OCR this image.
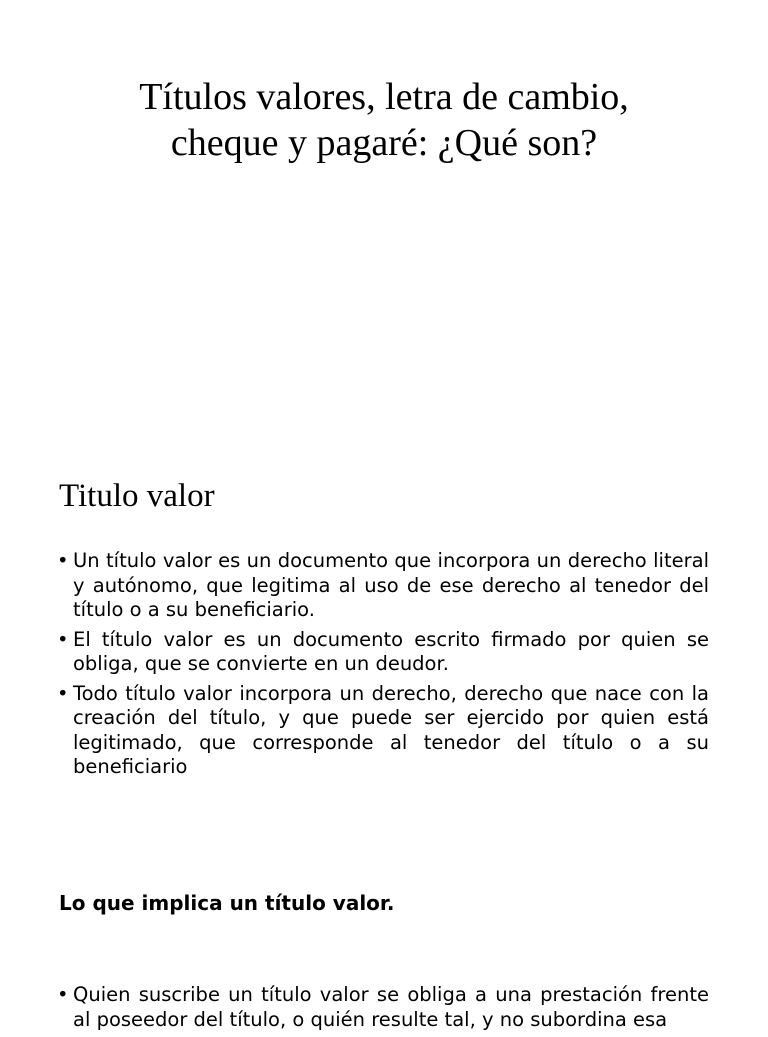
Títulos valores, letra de cambio,
cheque y pagaré: ¿Qué son?
Titulo valor
• Un título valor es un documento que incorpora un derecho literal y autónomo, que legitima al uso de ese derecho al tenedor del título o a su beneficiario.
• El título valor es un documento escrito firmado por quien se obliga, que se convierte en un deudor.
• Todo título valor incorpora un derecho, derecho que nace con la creación del título, y que puede ser ejercido por quien está legitimado, que corresponde al tenedor del título o a su beneficiario

Lo que implica un título valor.

• Quien suscribe un título valor se obliga a una prestación frente al poseedor del título, o quién resulte tal, y no subordina esa
